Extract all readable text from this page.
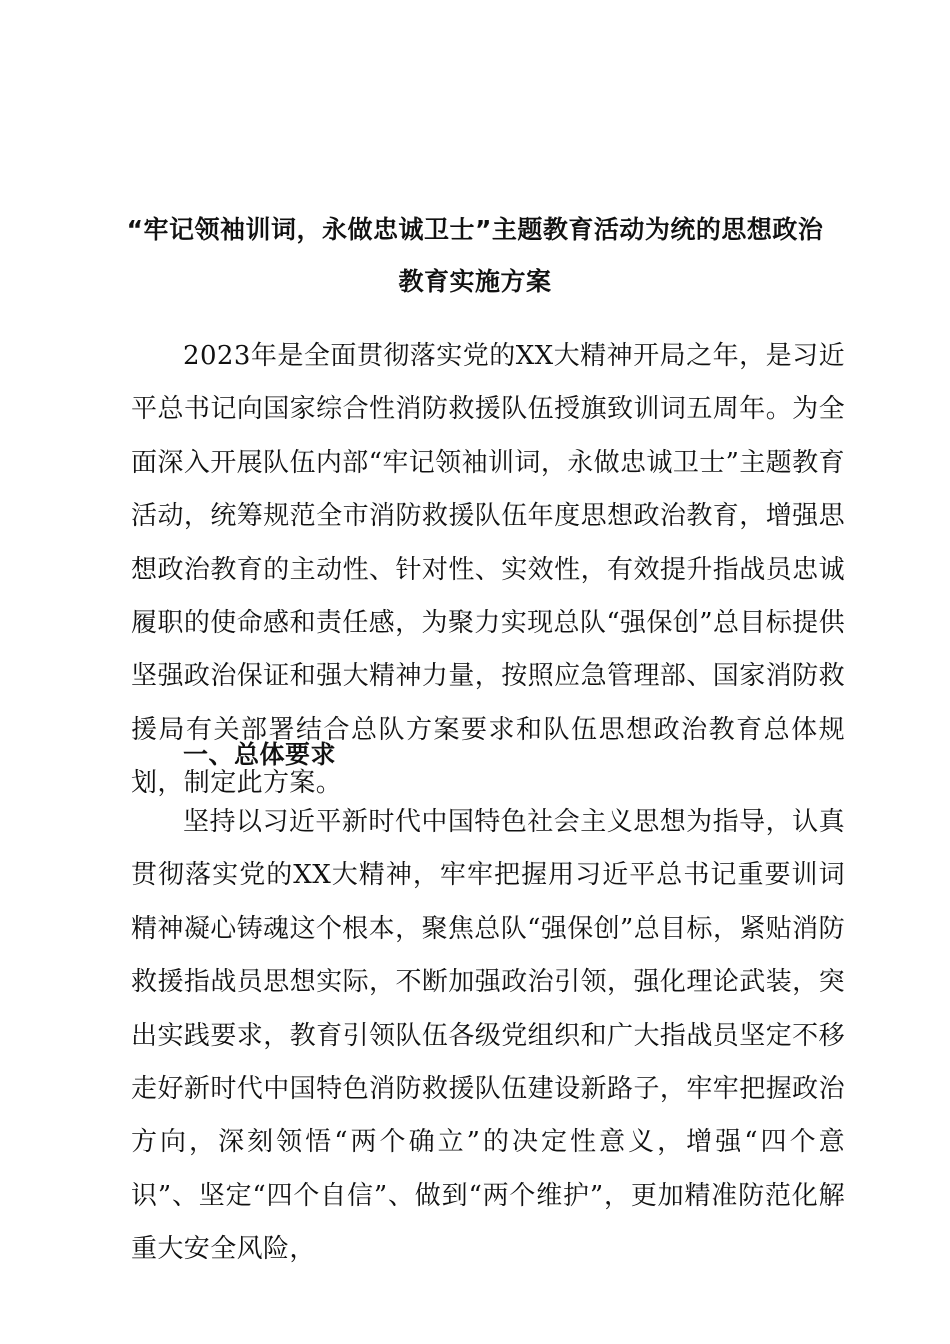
“牢记领袖训词，永做忠诚卫士”主题教育活动为统的思想政治
教育实施方案

2023年是全面贯彻落实党的XX大精神开局之年，是习近平总书记向国家综合性消防救援队伍授旗致训词五周年。为全面深入开展队伍内部“牢记领袖训词，永做忠诚卫士”主题教育活动，统筹规范全市消防救援队伍年度思想政治教育，增强思想政治教育的主动性、针对性、实效性，有效提升指战员忠诚履职的使命感和责任感，为聚力实现总队“强保创”总目标提供坚强政治保证和强大精神力量，按照应急管理部、国家消防救援局有关部署结合总队方案要求和队伍思想政治教育总体规划，制定此方案。

一、总体要求

坚持以习近平新时代中国特色社会主义思想为指导，认真贯彻落实党的XX大精神，牢牢把握用习近平总书记重要训词精神凝心铸魂这个根本，聚焦总队“强保创”总目标，紧贴消防救援指战员思想实际，不断加强政治引领，强化理论武装，突出实践要求，教育引领队伍各级党组织和广大指战员坚定不移走好新时代中国特色消防救援队伍建设新路子，牢牢把握政治方向，深刻领悟“两个确立”的决定性意义，增强“四个意识”、坚定“四个自信”、做到“两个维护”，更加精准防范化解重大安全风险，
